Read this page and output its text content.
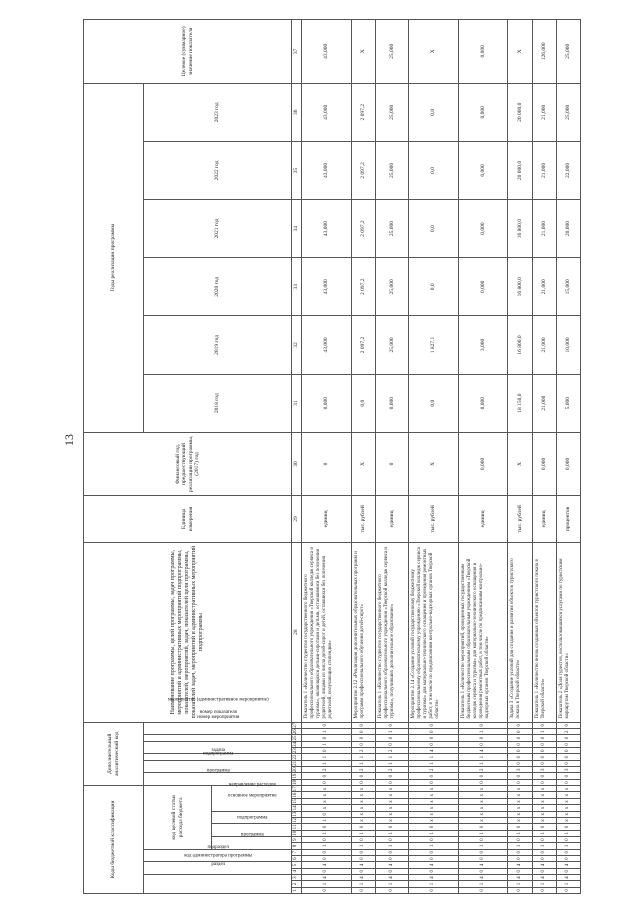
13
Коды бюджетной классификации																	Дополнительный аналитический код										Наименование программы, целей программы, задач программы, мероприятий и административных мероприятий подпрограммы, показателей, мероприятий, задач, показателей цели программы, показателей задач, мероприятий и административных мероприятий подпрограммы	Единица измерения	Финансовый год, предшествующий реализации программы, (2017) год	Годы реализации программы						Целевое (суммарное) значение показателя
код администратора программы			раздел		подраздел		код целевой статьи расхода бюджета										программа		подпрограмма		задача	мероприятие (административное мероприятие)		номер мероприятия	номер показателя					2018 год	2019 год	2020 год	2021 год	2022 год	2023 год	
							программа		подпрограмма		основное мероприятие		направление расходов																							
1	2	3	4	5	6	7	8	9	10	11	12	13	14	15	16	17	18	19	20	21	22	23	24	25	26	27	28	29	30	31	32	33	34	35	36	37
0	1	4	0	4	0	0	1	0	1	0	1	0	х	х	х	х	0	0	2	1	1	0	1	0	1	0	Показатель 1 «Количество студентов государственного бюджетного профессионального образовательного учреждения «Тверской колледж сервиса и туризма», являющихся детьми-сиротами и детьми, оставшимися без попечения родителей, лицами из числа детей-сирот и детей, оставшихся без попечения родителей, получающих стипендии»	единиц	0	0,000	43,000	43,000	43,000	43,000	43,000	43,000
0	1	4	0	4	0	0	1	0	1	0	х	х	х	х	х	х	0	0	2	1	1	2	0	0	0	0	Мероприятие 2.12 «Реализация дополнительных образовательных программ и программ профессионального обучения детей-сирот»	тыс. рублей	Х	0,0	2 097,2	2 097,2	2 097,2	2 097,2	2 097,2	Х
0	1	4	0	4	0	0	1	0	1	0	х	х	х	х	х	х	0	0	2	1	1	2	0	0	1	0	Показатель 1 «Количество студентов государственного бюджетного профессионального образовательного учреждения «Тверской колледж сервиса и туризма», получивших дополнительное образование»	единиц	0	0,000	25,000	25,000	25,000	25,000	25,000	25,000
0	1	4	0	4	0	0	1	0	1	0	х	х	х	х	х	х	0	0	2	1	1	4	0	0	0	0	Мероприятие 2.14 «Создание условий государственному бюджетному профессиональному образовательному учреждению «Тверской колледж сервиса и туризма» для материально-технического оснащения и проведения ремонтных работ, в том числе по предписаниям контрольно-надзорных органов Тверской области»	тыс. рублей	Х	0,0	1 827,1	0,0	0,0	0,0	0,0	Х
0	1	4	0	4	0	0	1	0	1	0	х	х	х	х	х	х	0	0	2	1	1	4	0	0	1	0	Показатель 1 «Количество мероприятий, проведенных государственным бюджетным профессиональным образовательным учреждением «Тверской колледж сервиса и туризма» для материально-технического оснащения и проведения ремонтных работ, в том числе по предписаниям контрольно-надзорных органов Тверской области»	единиц	0,000	0,000	3,000	0,000	0,000	0,000	0,000	0,000
0	1	4	0	4	0	0	1	0	1	0	х	х	х	х	х	х	0	0	3	0	0	0	0	0	0	0	Задача 3 «Создание условий для создания и развития объектов туристского показа в Тверской области»	тыс. рублей	Х	18 150,0	16 800,0	16 800,0	16 800,0	20 000,0	20 000,0	Х
0	1	4	0	4	0	0	1	0	1	0	х	х	х	х	х	х	0	0	3	0	0	0	0	0	1	0	Показатель 1 «Количество вновь созданных объектов туристского показа в Тверской области»	единиц	0,000	21,000	21,000	21,000	21,000	21,000	21,000	126,000
0	1	4	0	4	0	0	1	0	1	0	х	х	х	х	х	х	0	0	3	0	0	0	0	0	2	0	Показатель 2 «Доля туристов, воспользовавшихся услугами по туристским маршрутам Тверской области»	процентов	0,000	5,000	10,000	15,000	20,000	22,000	25,000	25,000
